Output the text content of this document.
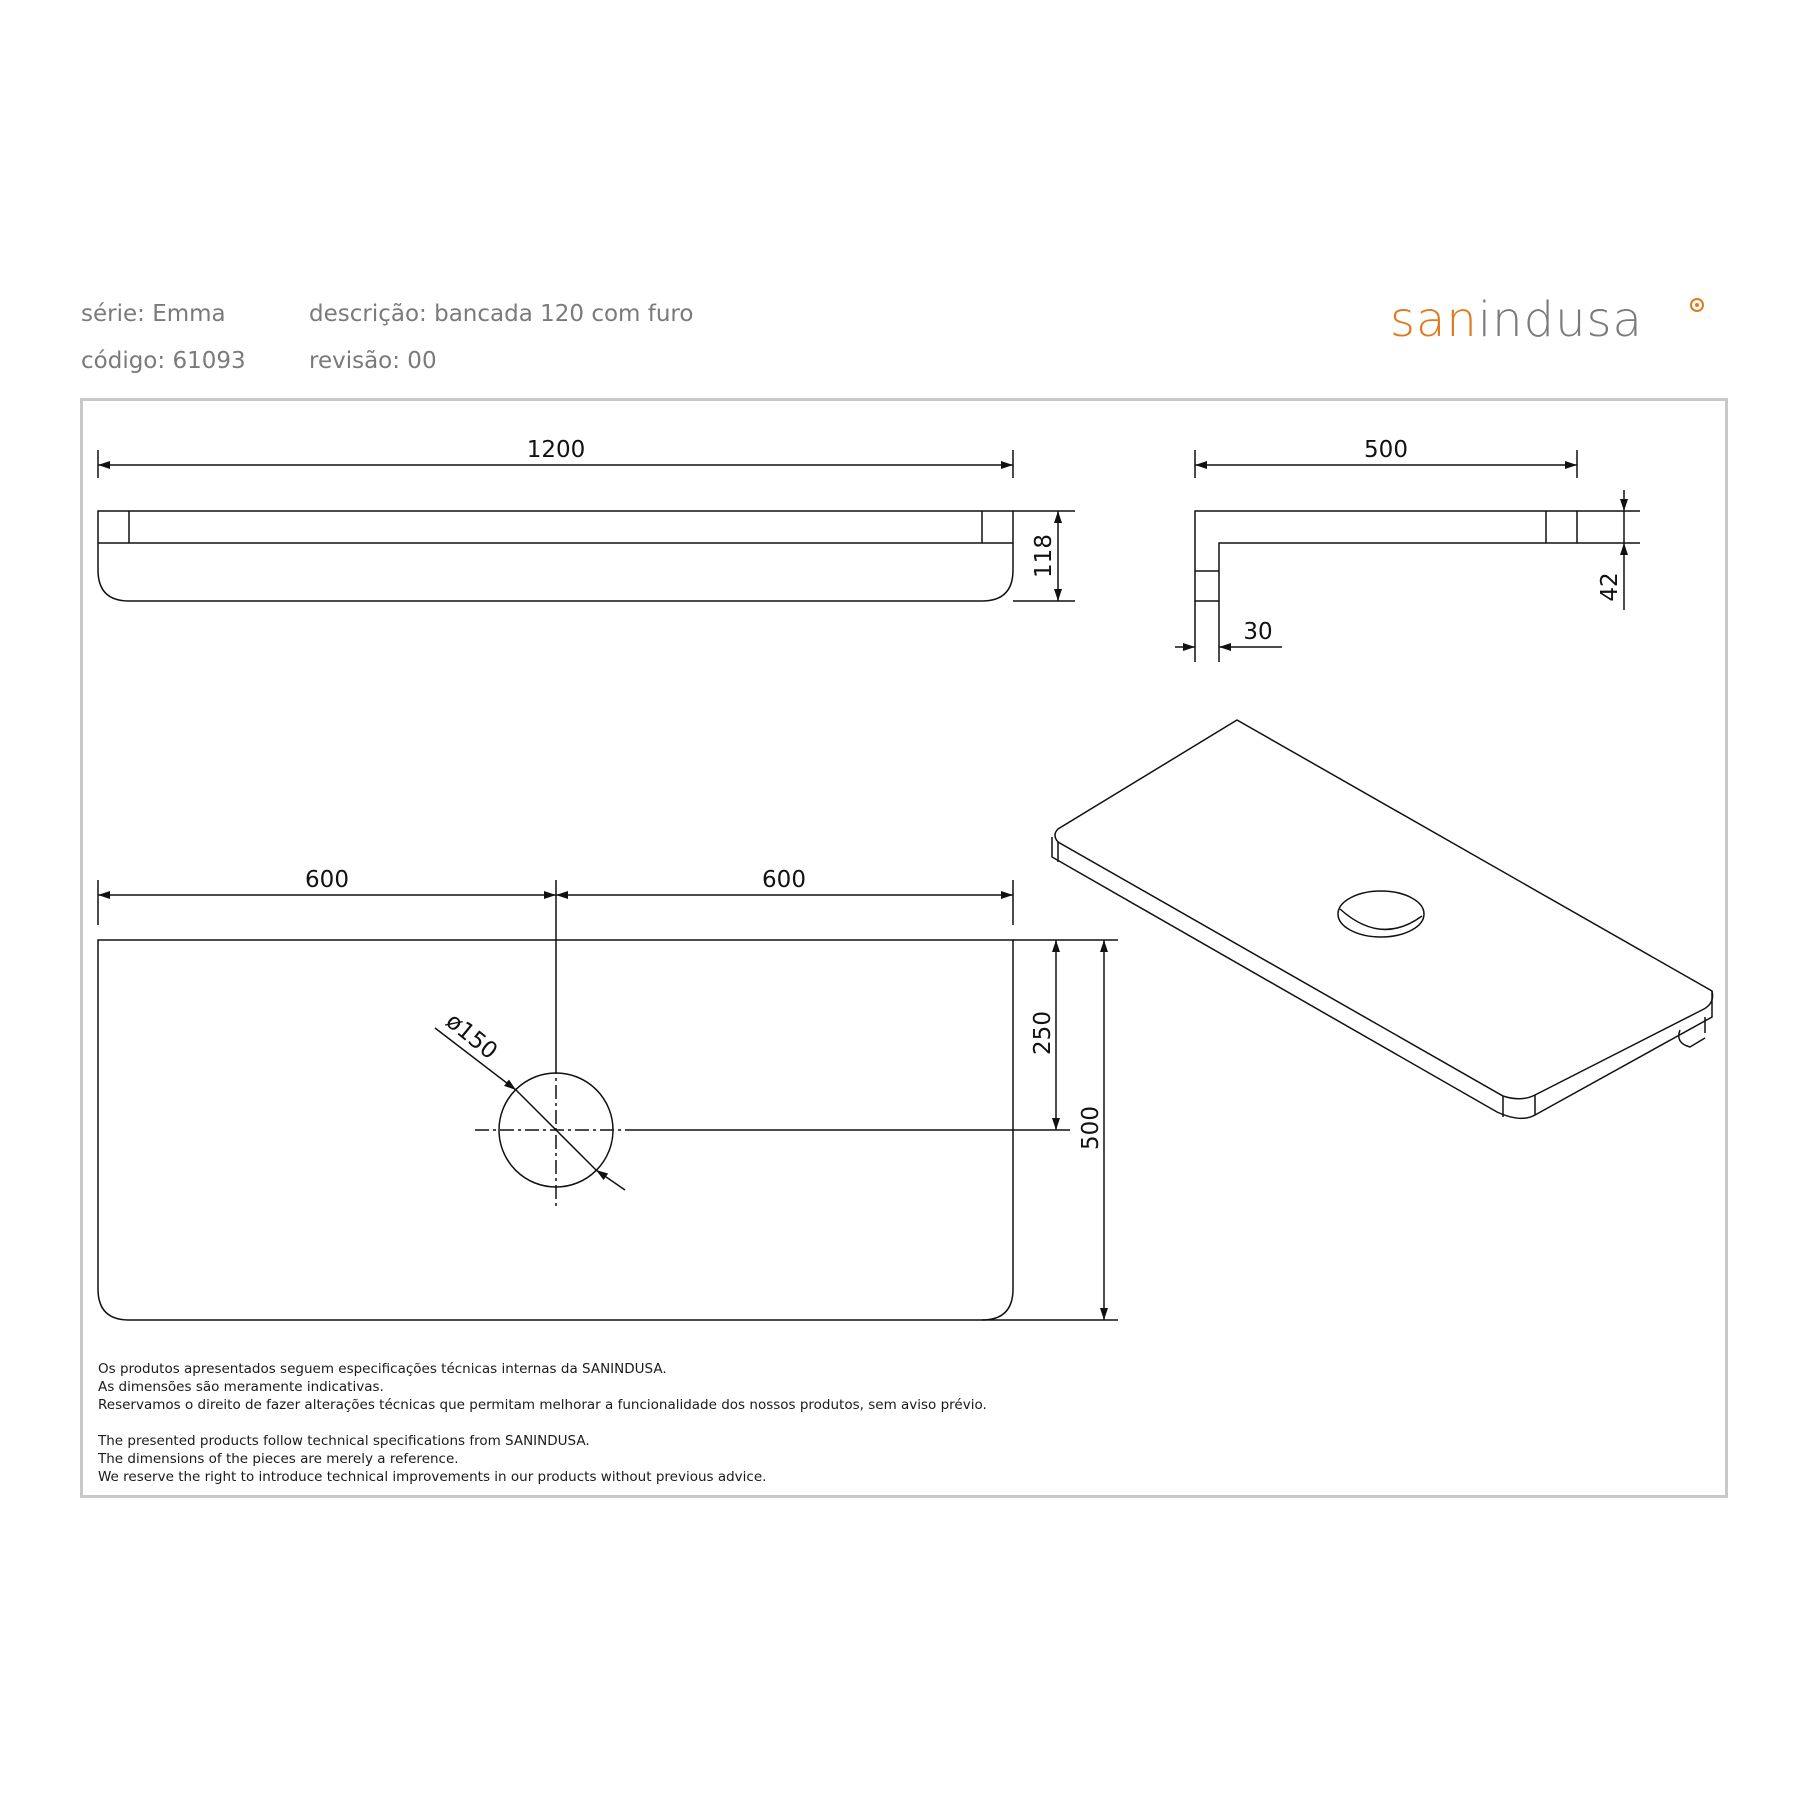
série: Emma
código: 61093
descrição: bancada 120 com furo
revisão: 00
sanindusa
1200
118
500
42
30
600	600
250
500
ø150

Os produtos apresentados seguem especificações técnicas internas da SANINDUSA.

As dimensões são meramente indicativas.

Reservamos o direito de fazer alterações técnicas que permitam melhorar a funcionalidade dos nossos produtos, sem aviso prévio.

The presented products follow technical specifications from SANINDUSA.

The dimensions of the pieces are merely a reference.

We reserve the right to introduce technical improvements in our products without previous advice.
